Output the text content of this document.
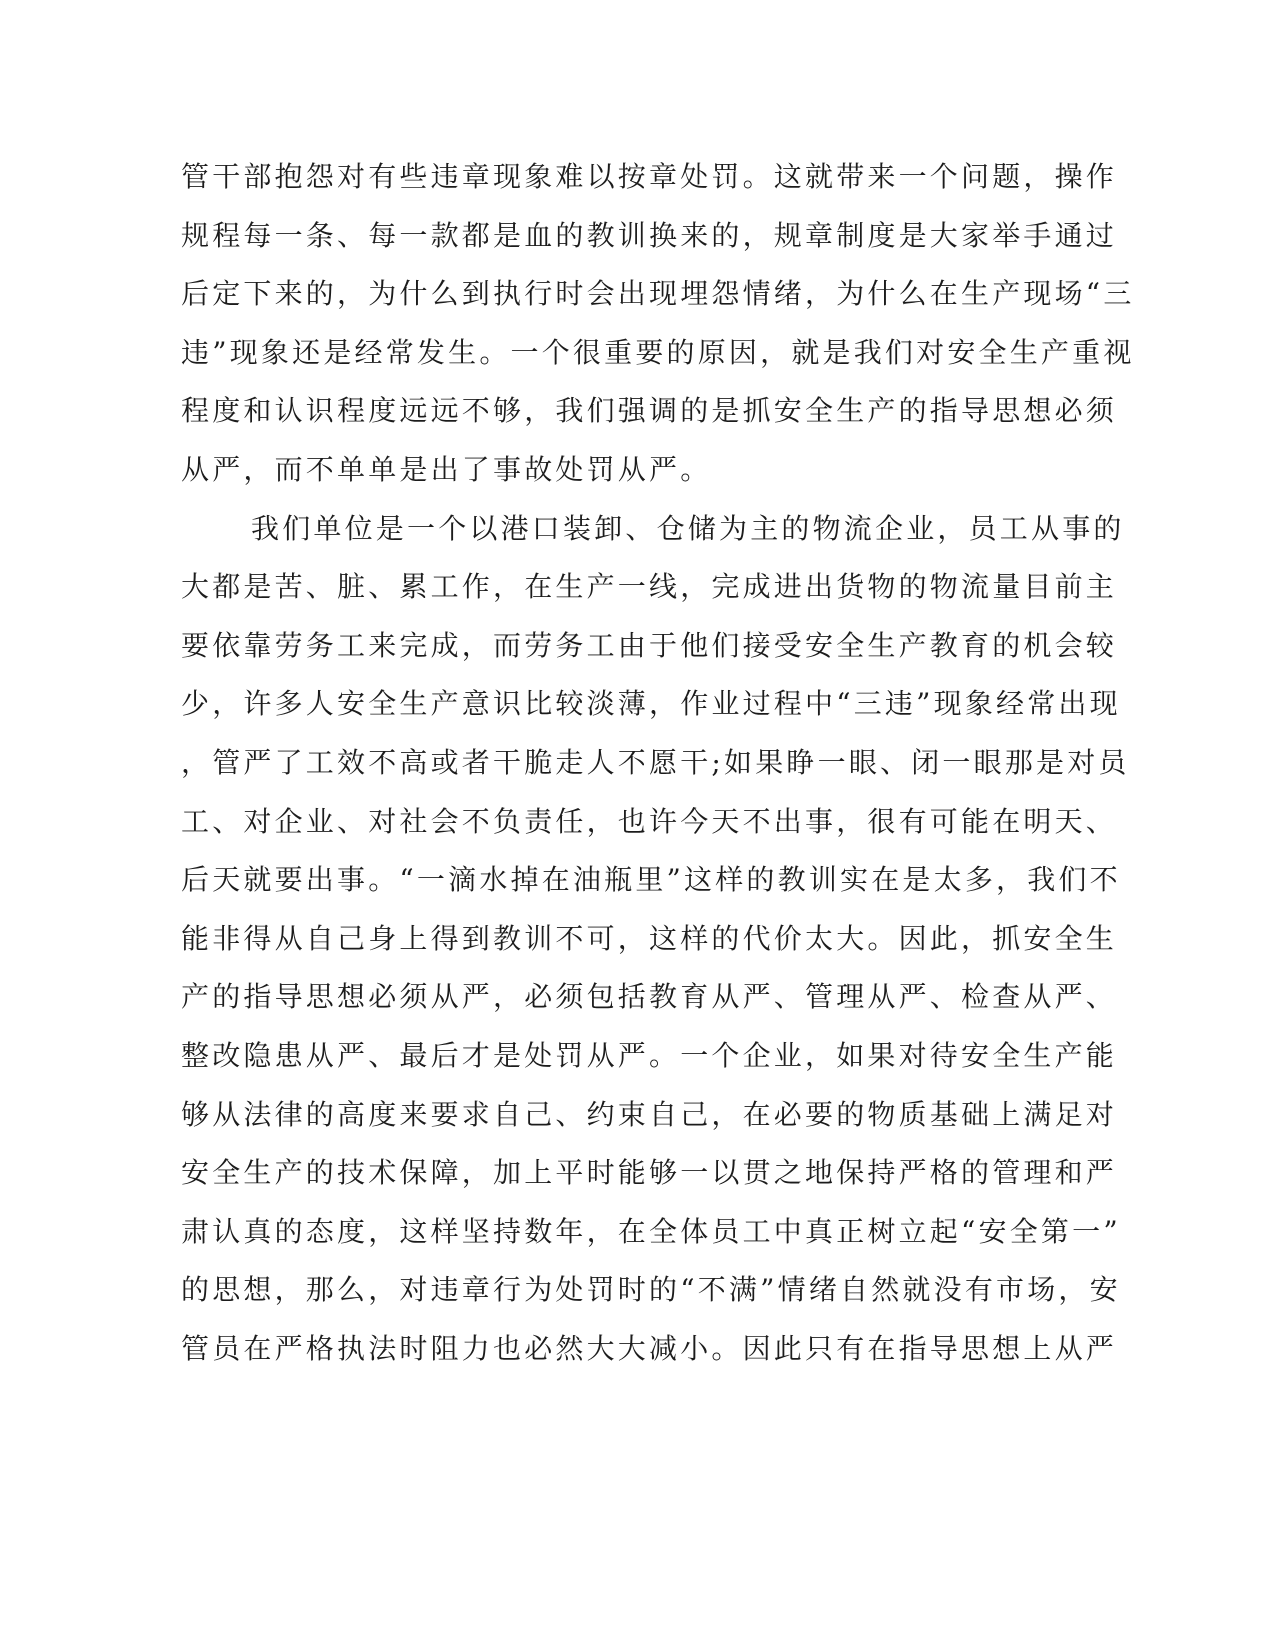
管干部抱怨对有些违章现象难以按章处罚。这就带来一个问题，操作
规程每一条、每一款都是血的教训换来的，规章制度是大家举手通过
后定下来的，为什么到执行时会出现埋怨情绪，为什么在生产现场“三
违”现象还是经常发生。一个很重要的原因，就是我们对安全生产重视
程度和认识程度远远不够，我们强调的是抓安全生产的指导思想必须
从严，而不单单是出了事故处罚从严。
我们单位是一个以港口装卸、仓储为主的物流企业，员工从事的
大都是苦、脏、累工作，在生产一线，完成进出货物的物流量目前主
要依靠劳务工来完成，而劳务工由于他们接受安全生产教育的机会较
少，许多人安全生产意识比较淡薄，作业过程中“三违”现象经常出现
，管严了工效不高或者干脆走人不愿干;如果睁一眼、闭一眼那是对员
工、对企业、对社会不负责任，也许今天不出事，很有可能在明天、
后天就要出事。“一滴水掉在油瓶里”这样的教训实在是太多，我们不
能非得从自己身上得到教训不可，这样的代价太大。因此，抓安全生
产的指导思想必须从严，必须包括教育从严、管理从严、检查从严、
整改隐患从严、最后才是处罚从严。一个企业，如果对待安全生产能
够从法律的高度来要求自己、约束自己，在必要的物质基础上满足对
安全生产的技术保障，加上平时能够一以贯之地保持严格的管理和严
肃认真的态度，这样坚持数年，在全体员工中真正树立起“安全第一”
的思想，那么，对违章行为处罚时的“不满”情绪自然就没有市场，安
管员在严格执法时阻力也必然大大减小。因此只有在指导思想上从严
